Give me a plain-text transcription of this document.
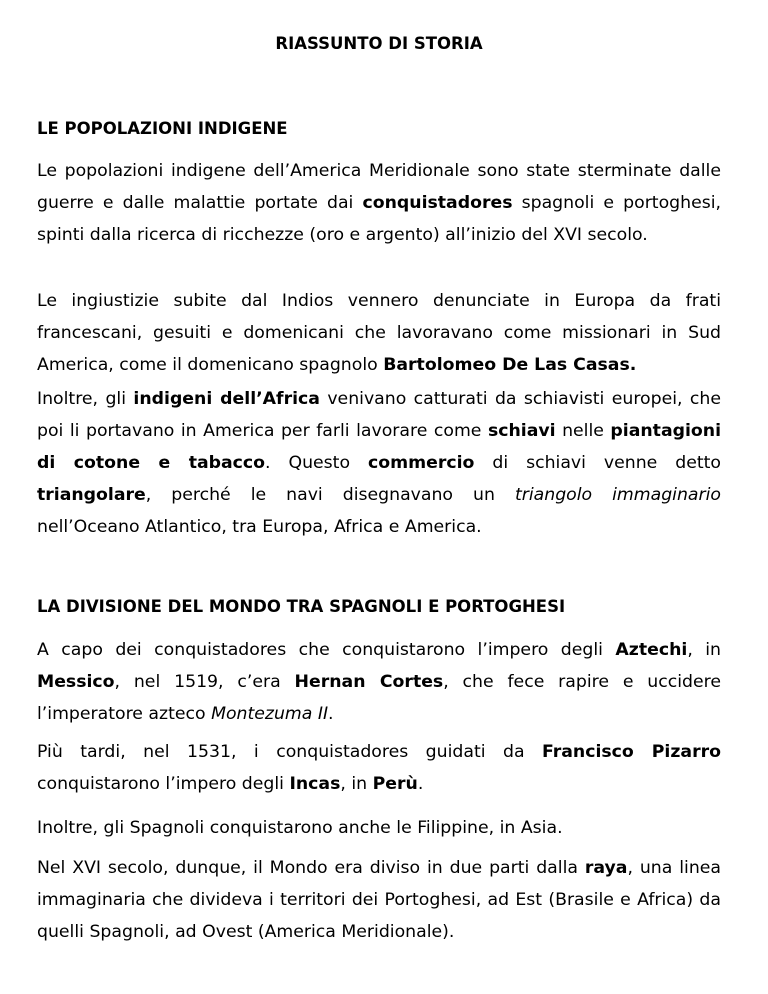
RIASSUNTO DI STORIA
LE POPOLAZIONI INDIGENE

Le popolazioni indigene dell’America Meridionale sono state sterminate dalle guerre e dalle malattie portate dai conquistadores spagnoli e portoghesi, spinti dalla ricerca di ricchezze (oro e argento) all’inizio del XVI secolo.

Le ingiustizie subite dal Indios vennero denunciate in Europa da frati francescani, gesuiti e domenicani che lavoravano come missionari in Sud America, come il domenicano spagnolo Bartolomeo De Las Casas.

Inoltre, gli indigeni dell’Africa venivano catturati da schiavisti europei, che poi li portavano in America per farli lavorare come schiavi nelle piantagioni di cotone e tabacco. Questo commercio di schiavi venne detto triangolare, perché le navi disegnavano un triangolo immaginario nell’Oceano Atlantico, tra Europa, Africa e America.

LA DIVISIONE DEL MONDO TRA SPAGNOLI E PORTOGHESI

A capo dei conquistadores che conquistarono l’impero degli Aztechi, in Messico, nel 1519, c’era Hernan Cortes, che fece rapire e uccidere l’imperatore azteco Montezuma II.

Più tardi, nel 1531, i conquistadores guidati da Francisco Pizarro conquistarono l’impero degli Incas, in Perù.

Inoltre, gli Spagnoli conquistarono anche le Filippine, in Asia.

Nel XVI secolo, dunque, il Mondo era diviso in due parti dalla raya, una linea immaginaria che divideva i territori dei Portoghesi, ad Est (Brasile e Africa) da quelli Spagnoli, ad Ovest (America Meridionale).
